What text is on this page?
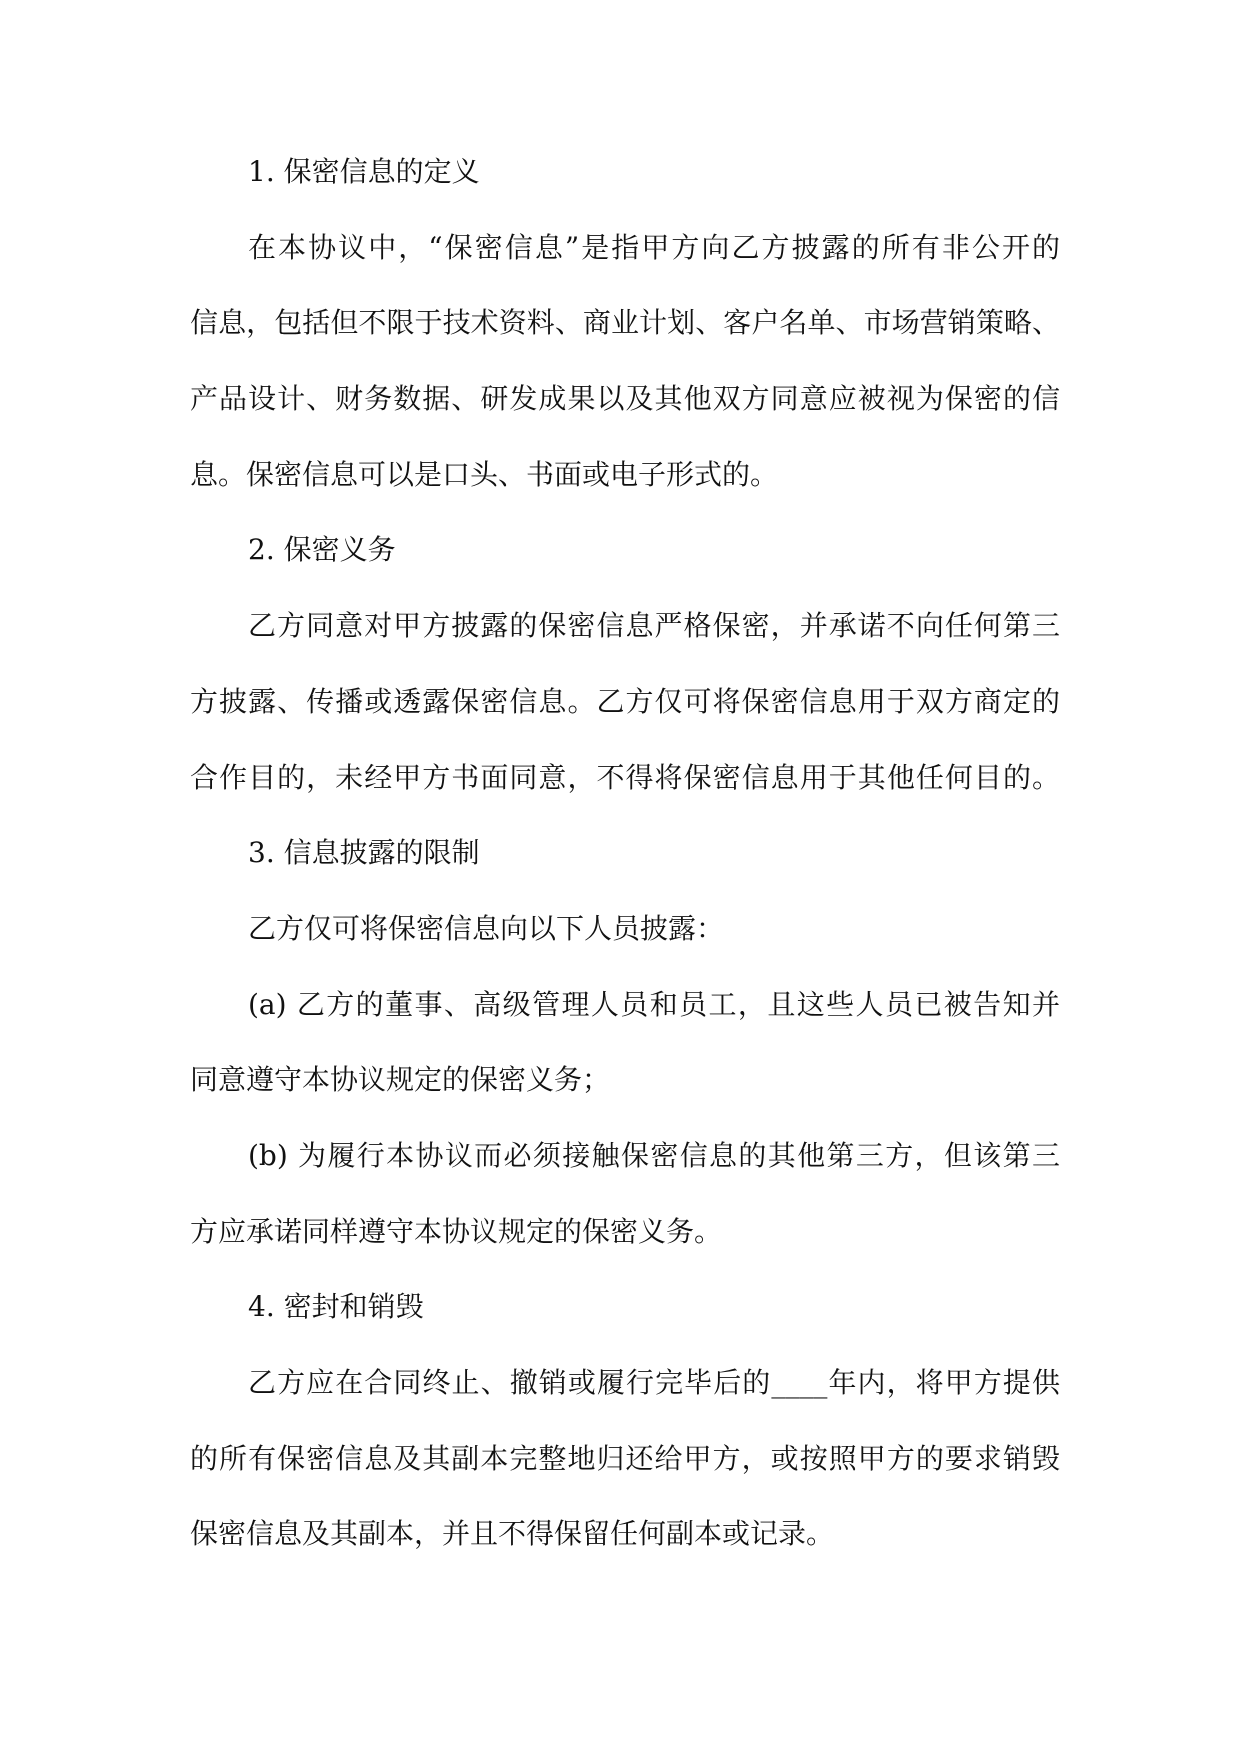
1. 保密信息的定义
在本协议中，“保密信息”是指甲方向乙方披露的所有非公开的
信息，包括但不限于技术资料、商业计划、客户名单、市场营销策略、
产品设计、财务数据、研发成果以及其他双方同意应被视为保密的信
息。保密信息可以是口头、书面或电子形式的。
2. 保密义务
乙方同意对甲方披露的保密信息严格保密，并承诺不向任何第三
方披露、传播或透露保密信息。乙方仅可将保密信息用于双方商定的
合作目的，未经甲方书面同意，不得将保密信息用于其他任何目的。
3. 信息披露的限制
乙方仅可将保密信息向以下人员披露：
(a) 乙方的董事、高级管理人员和员工，且这些人员已被告知并
同意遵守本协议规定的保密义务；
(b) 为履行本协议而必须接触保密信息的其他第三方，但该第三
方应承诺同样遵守本协议规定的保密义务。
4. 密封和销毁
乙方应在合同终止、撤销或履行完毕后的____年内，将甲方提供
的所有保密信息及其副本完整地归还给甲方，或按照甲方的要求销毁
保密信息及其副本，并且不得保留任何副本或记录。
